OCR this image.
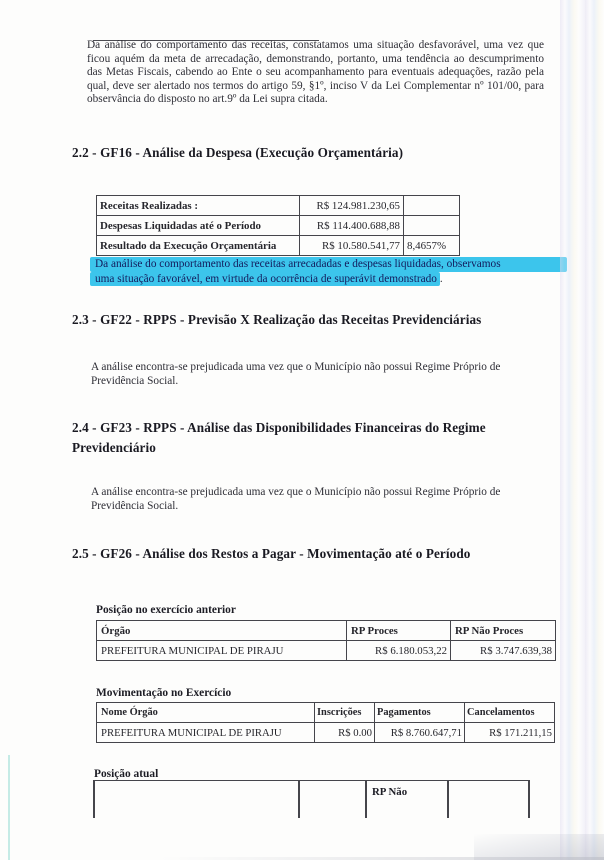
Da análise do comportamento das receitas, constatamos uma situação desfavorável, uma vez que ficou aquém da meta de arrecadação, demonstrando, portanto, uma tendência ao descumprimento das Metas Fiscais, cabendo ao Ente o seu acompanhamento para eventuais adequações, razão pela qual, deve ser alertado nos termos do artigo 59, §1º, inciso V da Lei Complementar nº 101/00, para observância do disposto no art.9º da Lei supra citada.

2.2 - GF16 - Análise da Despesa (Execução Orçamentária)
Receitas Realizadas :	R$ 124.981.230,65	
Despesas Liquidadas até o Período	R$ 114.400.688,88	
Resultado da Execução Orçamentária	R$ 10.580.541,77	8,4657%
Da análise do comportamento das receitas arrecadadas e despesas liquidadas, observamos
uma situação favorável, em virtude da ocorrência de superávit demonstrado .
2.3 - GF22 - RPPS - Previsão X Realização das Receitas Previdenciárias

A análise encontra-se prejudicada uma vez que o Município não possui Regime Próprio de Previdência Social.

2.4 - GF23 - RPPS - Análise das Disponibilidades Financeiras do Regime Previdenciário

A análise encontra-se prejudicada uma vez que o Município não possui Regime Próprio de Previdência Social.

2.5 - GF26 - Análise dos Restos a Pagar - Movimentação até o Período

Posição no exercício anterior

Órgão	RP Proces	RP Não Proces
PREFEITURA MUNICIPAL DE PIRAJU	R$ 6.180.053,22	R$ 3.747.639,38

Movimentação no Exercício

Nome Órgão	Inscrições	Pagamentos	Cancelamentos
PREFEITURA MUNICIPAL DE PIRAJU	R$ 0.00	R$ 8.760.647,71	R$ 171.211,15

Posição atual

RP Não
